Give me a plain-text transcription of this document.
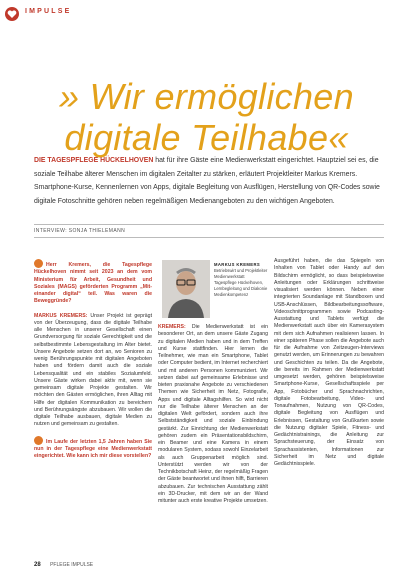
IMPULSE
» Wir ermöglichen
digitale Teilhabe«
DIE TAGESPFLEGE HÜCKELHOVEN hat für ihre Gäste eine Medienwerkstatt eingerichtet. Hauptziel sei es, die soziale Teilhabe älterer Menschen im digitalen Zeitalter zu stärken, erläutert Projektleiter Markus Kremers. Smartphone-Kurse, Kennenlernen von Apps, digitale Begleitung von Ausflügen, Herstellung von QR-Codes sowie digitale Fotoschnitte gehören neben regelmäßigen Medienangeboten zu den wichtigen Angeboten.
INTERVIEW: SONJA THIELEMANN

Herr Kremers, die Tagespflege Hückelhoven nimmt seit 2023 an dem vom Ministerium für Arbeit, Gesundheit und Soziales (MAGS) geförderten Programm „Mit-einander digital“ teil. Was waren die Beweggründe?

MARKUS KREMERS: Unser Projekt ist geprägt von der Überzeugung, dass die digitale Teilhabe alle Menschen in unserer Gesellschaft einen Grundversorgung für soziale Gerechtigkeit und die selbstbestimmte Lebensgestaltung im Alter bietet. Unsere Angebote setzen dort an, wo Senioren zu wenig Berührungspunkte mit digitalen Angeboten haben und fördern damit auch die soziale Lebensqualität und ein stabiles Sozialumfeld. Unsere Gäste wirken dabei aktiv mit, wenn sie gemeinsam digitale Projekte gestalten. Wir möchten den Gästen ermöglichen, ihren Alltag mit Hilfe der digitalen Kommunikation zu bereichern und Berührungsängste abzubauen. Wir wollen die digitale Teilhabe ausbauen, digitale Medien zu nutzen und gemeinsam zu gestalten.

Im Laufe der letzten 1,5 Jahren haben Sie nun in der Tagespflege eine Medienwerkstatt eingerichtet. Wie kann ich mir diese vorstellen?

MARKUS KREMERS
Betriebswirt und Projektleiter Medienwerkstatt Tagespflege Hückelhoven, Lernbegleitung und Diakonie Medienkompetenz

KREMERS: Die Medienwerkstatt ist ein besonderer Ort, an dem unsere Gäste Zugang zu digitalen Medien haben und in dem Treffen und Kurse stattfinden. Hier lernen die Teilnehmer, wie man ein Smartphone, Tablet oder Computer bedient, im Internet recherchiert und mit anderen Personen kommuniziert. Wir setzen dabei auf gemeinsame Erlebnisse und bieten praxisnahe Angebote zu verschiedenen Themen wie Sicherheit im Netz, Fotografie, Apps und digitale Alltagshilfen. So wird nicht nur die Teilhabe älterer Menschen an der digitalen Welt gefördert, sondern auch ihre Selbstständigkeit und soziale Einbindung gestärkt. Zur Einrichtung der Medienwerkstatt gehören zudem ein Präsentationsbildschirm, ein Beamer und eine Kamera in einem modularen System, sodass sowohl Einzelarbeit als auch Gruppenarbeit möglich sind. Unterstützt werden wir von der Technikbotschaft Heinz, der regelmäßig Fragen der Gäste beantwortet und ihnen hilft, Barrieren abzubauen. Zur technischen Ausstattung zählt ein 3D-Drucker, mit dem wir an der Wand mitunter auch erste kreative Projekte umsetzen.

Ausgeführt haben, die das Spiegeln von Inhalten von Tablet oder Handy auf den Bildschirm ermöglicht, so dass beispielsweise Anleitungen oder Erklärungen schrittweise visualisiert werden können. Neben einer integrierten Soundanlage mit Standboxen und USB-Anschlüssen, Bildbearbeitungssoftware, Videoschnittprogrammen sowie Podcasting-Ausstattung und Tablets verfügt die Medienwerkstatt auch über ein Kamerasystem mit dem sich Aufnahmen realisieren lassen. In einer späteren Phase sollen die Angebote auch für die Aufnahme von Zeitzeugen-Interviews genutzt werden, um Erinnerungen zu bewahren und Geschichten zu teilen. Da die Angebote, die bereits im Rahmen der Medienwerkstatt umgesetzt werden, gehören beispielsweise Smartphone-Kurse, Gesellschaftsspiele per App, Fotobücher und Sprachnachrichten, digitale Fotobearbeitung, Video- und Tonaufnahmen, Nutzung von QR-Codes, digitale Begleitung von Ausflügen und Erlebnissen, Gestaltung von Grußkarten sowie die Nutzung digitaler Spiele, Fitness- und Gedächtnistrainings, die Anleitung zur Sprachsteuerung, der Einsatz von Sprachassistenten, Informationen zur Sicherheit im Netz und digitale Gedächtnisspiele.

28 PFLEGE IMPULSE
